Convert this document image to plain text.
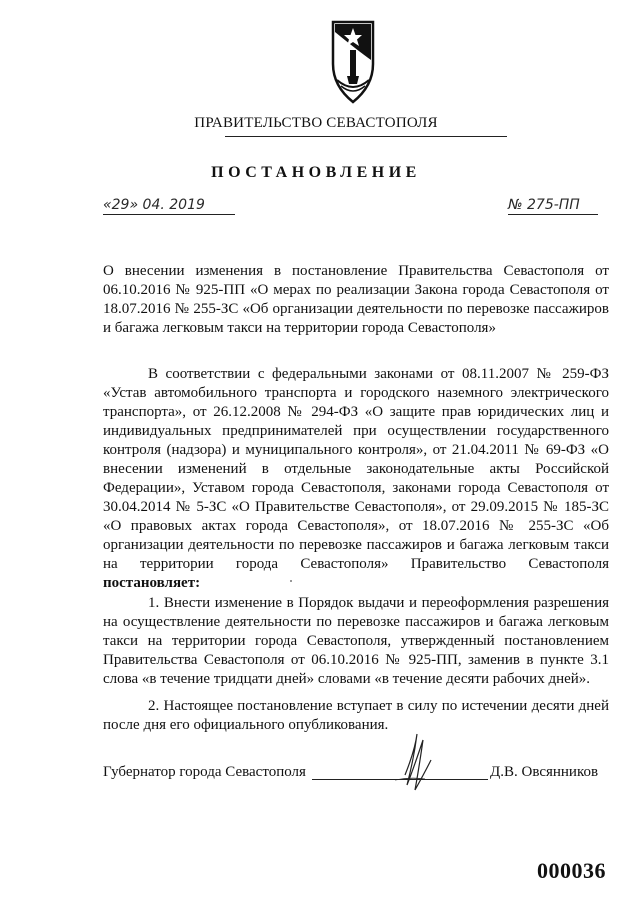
ПРАВИТЕЛЬСТВО СЕВАСТОПОЛЯ
ПОСТАНОВЛЕНИЕ
«29» 04. 2019	№ 275-ПП
О внесении изменения в постановление Правительства Севастополя от 06.10.2016 № 925-ПП «О мерах по реализации Закона города Севастополя от 18.07.2016 № 255-ЗС «Об организации деятельности по перевозке пассажиров и багажа легковым такси на территории города Севастополя»
В соответствии с федеральными законами от 08.11.2007 № 259-ФЗ «Устав автомобильного транспорта и городского наземного электрического транспорта», от 26.12.2008 № 294-ФЗ «О защите прав юридических лиц и индивидуальных предпринимателей при осуществлении государственного контроля (надзора) и муниципального контроля», от 21.04.2011 № 69-ФЗ «О внесении изменений в отдельные законодательные акты Российской Федерации», Уставом города Севастополя, законами города Севастополя от 30.04.2014 № 5-ЗС «О Правительстве Севастополя», от 29.09.2015 № 185-ЗС «О правовых актах города Севастополя», от 18.07.2016 № 255-ЗС «Об организации деятельности по перевозке пассажиров и багажа легковым такси на территории города Севастополя» Правительство Севастополя постановляет:
1. Внести изменение в Порядок выдачи и переоформления разрешения на осуществление деятельности по перевозке пассажиров и багажа легковым такси на территории города Севастополя, утвержденный постановлением Правительства Севастополя от 06.10.2016 № 925-ПП, заменив в пункте 3.1 слова «в течение тридцати дней» словами «в течение десяти рабочих дней».
2. Настоящее постановление вступает в силу по истечении десяти дней после дня его официального опубликования.
Губернатор города Севастополя	Д.В. Овсянников
000036
